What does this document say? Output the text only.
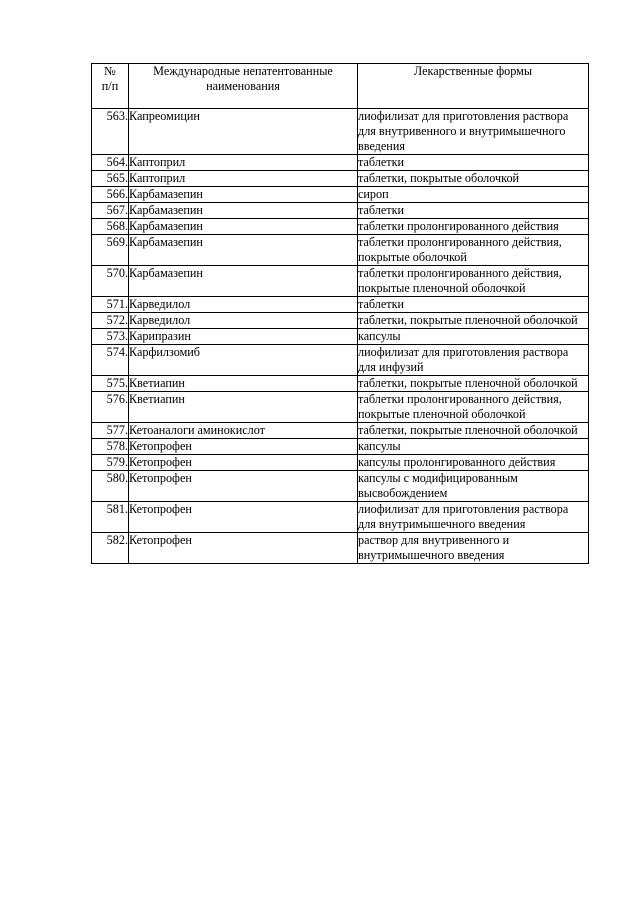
№
п/п	Международные непатентованные наименования	Лекарственные формы
563.	Капреомицин	лиофилизат для приготовления раствора для внутривенного и внутримышечного введения
564.	Каптоприл	таблетки
565.	Каптоприл	таблетки, покрытые оболочкой
566.	Карбамазепин	сироп
567.	Карбамазепин	таблетки
568.	Карбамазепин	таблетки пролонгированного действия
569.	Карбамазепин	таблетки пролонгированного действия, покрытые оболочкой
570.	Карбамазепин	таблетки пролонгированного действия, покрытые пленочной оболочкой
571.	Карведилол	таблетки
572.	Карведилол	таблетки, покрытые пленочной оболочкой
573.	Карипразин	капсулы
574.	Карфилзомиб	лиофилизат для приготовления раствора для инфузий
575.	Кветиапин	таблетки, покрытые пленочной оболочкой
576.	Кветиапин	таблетки пролонгированного действия, покрытые пленочной оболочкой
577.	Кетоаналоги аминокислот	таблетки, покрытые пленочной оболочкой
578.	Кетопрофен	капсулы
579.	Кетопрофен	капсулы пролонгированного действия
580.	Кетопрофен	капсулы с модифицированным высвобождением
581.	Кетопрофен	лиофилизат для приготовления раствора для внутримышечного введения
582.	Кетопрофен	раствор для внутривенного и внутримышечного введения
